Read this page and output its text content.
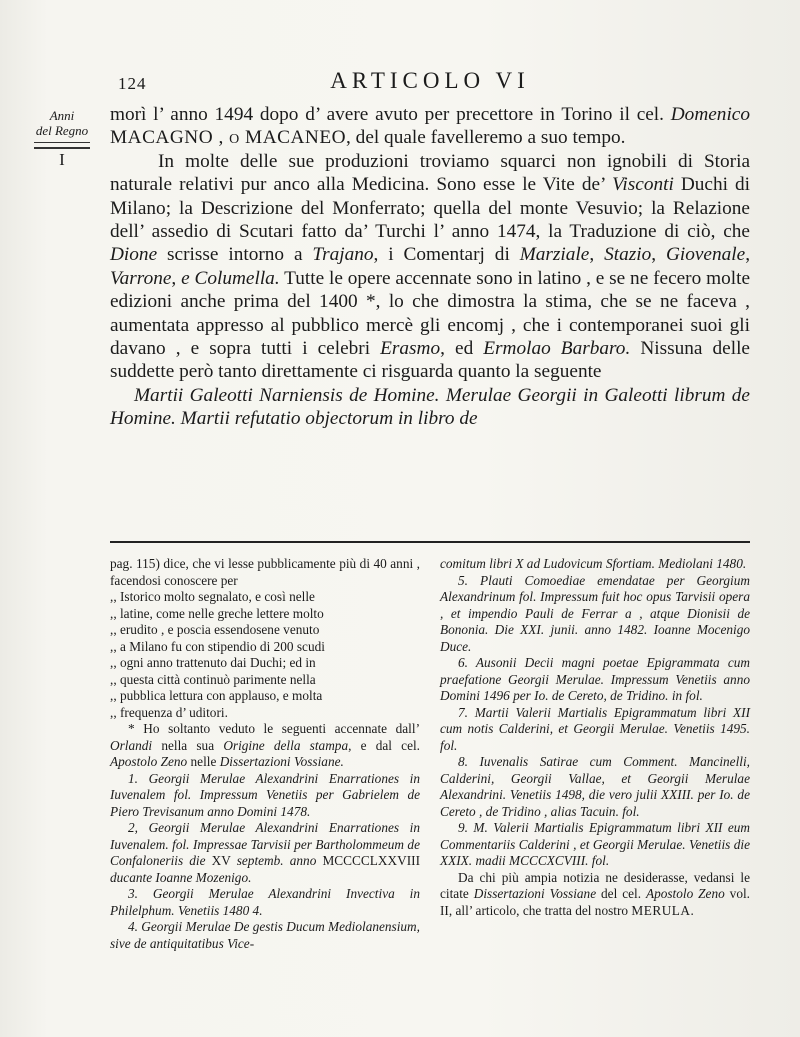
124	ARTICOLO VI
Anni
del Regno
I

morì l’ anno 1494 dopo d’ avere avuto per precettore in Torino il cel. Domenico MACAGNO , o MACANEO, del quale favelleremo a suo tempo.

In molte delle sue produzioni troviamo squarci non ignobili di Storia naturale relativi pur anco alla Medicina. Sono esse le Vite de’ Visconti Duchi di Milano; la Descrizione del Monferrato; quella del monte Vesuvio; la Relazione dell’ assedio di Scutari fatto da’ Turchi l’ anno 1474, la Traduzione di ciò, che Dione scrisse intorno a Trajano, i Comentarj di Marziale, Stazio, Giovenale, Varrone, e Columella. Tutte le opere accennate sono in latino , e se ne fecero molte edizioni anche prima del 1400 *, lo che dimostra la stima, che se ne faceva , aumentata appresso al pubblico mercè gli encomj , che i contemporanei suoi gli davano , e sopra tutti i celebri Erasmo, ed Ermolao Barbaro. Nissuna delle suddette però tanto direttamente ci risguarda quanto la seguente

Martii Galeotti Narniensis de Homine. Merulae Georgii in Galeotti librum de Homine. Martii refutatio objectorum in libro de

pag. 115) dice, che vi lesse pubblicamente più di 40 anni , facendosi conoscere per

,, Istorico molto segnalato, e così nelle

,, latine, come nelle greche lettere molto

,, erudito , e poscia essendosene venuto

,, a Milano fu con stipendio di 200 scudi

,, ogni anno trattenuto dai Duchi; ed in

,, questa città continuò parimente nella

,, pubblica lettura con applauso, e molta

,, frequenza d’ uditori.

* Ho soltanto veduto le seguenti accennate dall’ Orlandi nella sua Origine della stampa, e dal cel. Apostolo Zeno nelle Dissertazioni Vossiane.

1. Georgii Merulae Alexandrini Enarrationes in Iuvenalem fol. Impressum Venetiis per Gabrielem de Piero Trevisanum anno Domini 1478.

2, Georgii Merulae Alexandrini Enarrationes in Iuvenalem. fol. Impressae Tarvisii per Bartholommeum de Confaloneriis die XV septemb. anno MCCCCLXXVIII ducante Ioanne Mozenigo.

3. Georgii Merulae Alexandrini Invectiva in Philelphum. Venetiis 1480 4.

4. Georgii Merulae De gestis Ducum Mediolanensium, sive de antiquitatibus Vice-

comitum libri X ad Ludovicum Sfortiam. Mediolani 1480.

5. Plauti Comoediae emendatae per Georgium Alexandrinum fol. Impressum fuit hoc opus Tarvisii opera , et impendio Pauli de Ferrar a , atque Dionisii de Bononia. Die XXI. junii. anno 1482. Ioanne Mocenigo Duce.

6. Ausonii Decii magni poetae Epigrammata cum praefatione Georgii Merulae. Impressum Venetiis anno Domini 1496 per Io. de Cereto, de Tridino. in fol.

7. Martii Valerii Martialis Epigrammatum libri XII cum notis Calderini, et Georgii Merulae. Venetiis 1495. fol.

8. Iuvenalis Satirae cum Comment. Mancinelli, Calderini, Georgii Vallae, et Georgii Merulae Alexandrini. Venetiis 1498, die vero julii XXIII. per Io. de Cereto , de Tridino , alias Tacuin. fol.

9. M. Valerii Martialis Epigrammatum libri XII eum Commentariis Calderini , et Georgii Merulae. Venetiis die XXIX. madii MCCCXCVIII. fol.

Da chi più ampia notizia ne desiderasse, vedansi le citate Dissertazioni Vossiane del cel. Apostolo Zeno vol. II, all’ articolo, che tratta del nostro MERULA.
